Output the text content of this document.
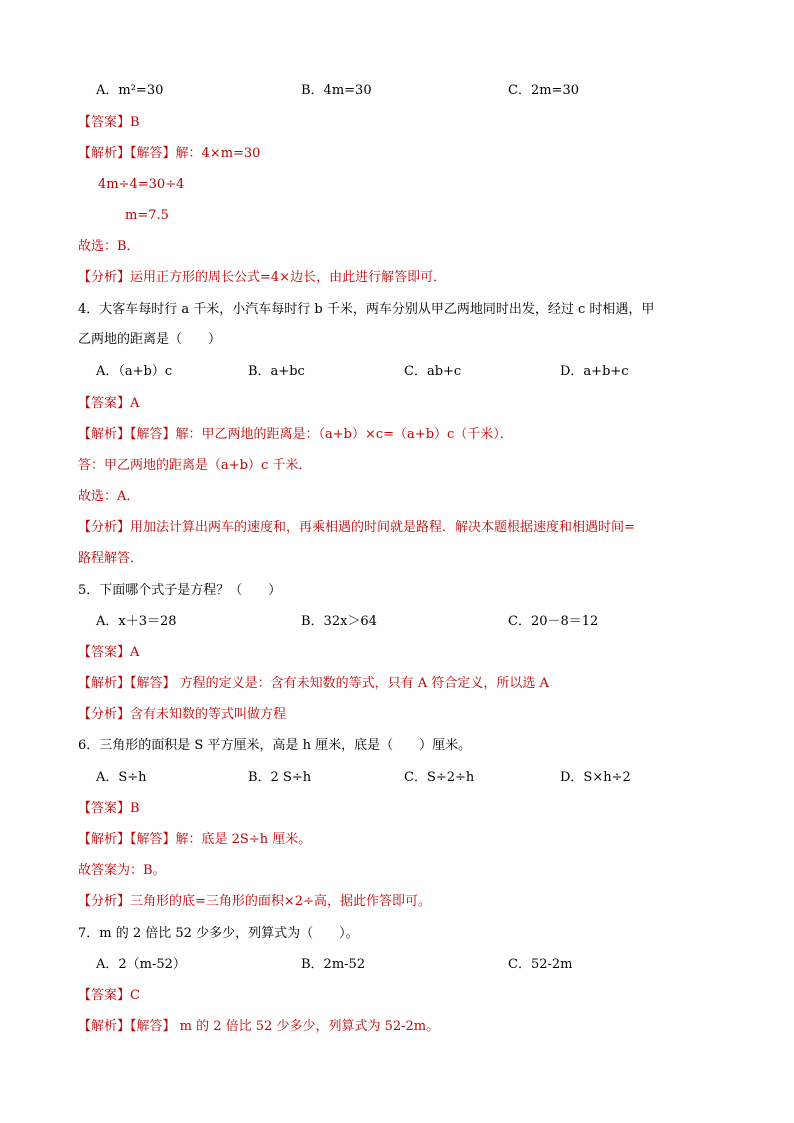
A．m²=30	B．4m=30	C．2m=30
【答案】B
【解析】【解答】解：4×m=30
4m÷4=30÷4
m=7.5
故选：B．
【分析】运用正方形的周长公式=4×边长，由此进行解答即可．
4．大客车每时行 a 千米，小汽车每时行 b 千米，两车分别从甲乙两地同时出发，经过 c 时相遇，甲
乙两地的距离是（　　）
A．（a+b）c	B．a+bc	C．ab+c	D．a+b+c
【答案】A
【解析】【解答】解：甲乙两地的距离是：（a+b）×c=（a+b）c（千米）．
答：甲乙两地的距离是（a+b）c 千米．
故选：A．
【分析】用加法计算出两车的速度和，再乘相遇的时间就是路程．解决本题根据速度和相遇时间=
路程解答．
5．下面哪个式子是方程？（　　）
A．x＋3＝28	B．32x＞64	C．20－8＝12
【答案】A
【解析】【解答】 方程的定义是：含有未知数的等式，只有 A 符合定义，所以选 A
【分析】含有未知数的等式叫做方程
6．三角形的面积是 S 平方厘米，高是 h 厘米，底是（　　）厘米。
A．S÷h	B．2 S÷h	C．S÷2÷h	D．S×h÷2
【答案】B
【解析】【解答】解：底是 2S÷h 厘米。
故答案为：B。
【分析】三角形的底=三角形的面积×2÷高，据此作答即可。
7．m 的 2 倍比 52 少多少，列算式为（　　）。
A．2（m-52）	B．2m-52	C．52-2m
【答案】C
【解析】【解答】 m 的 2 倍比 52 少多少，列算式为 52-2m。
